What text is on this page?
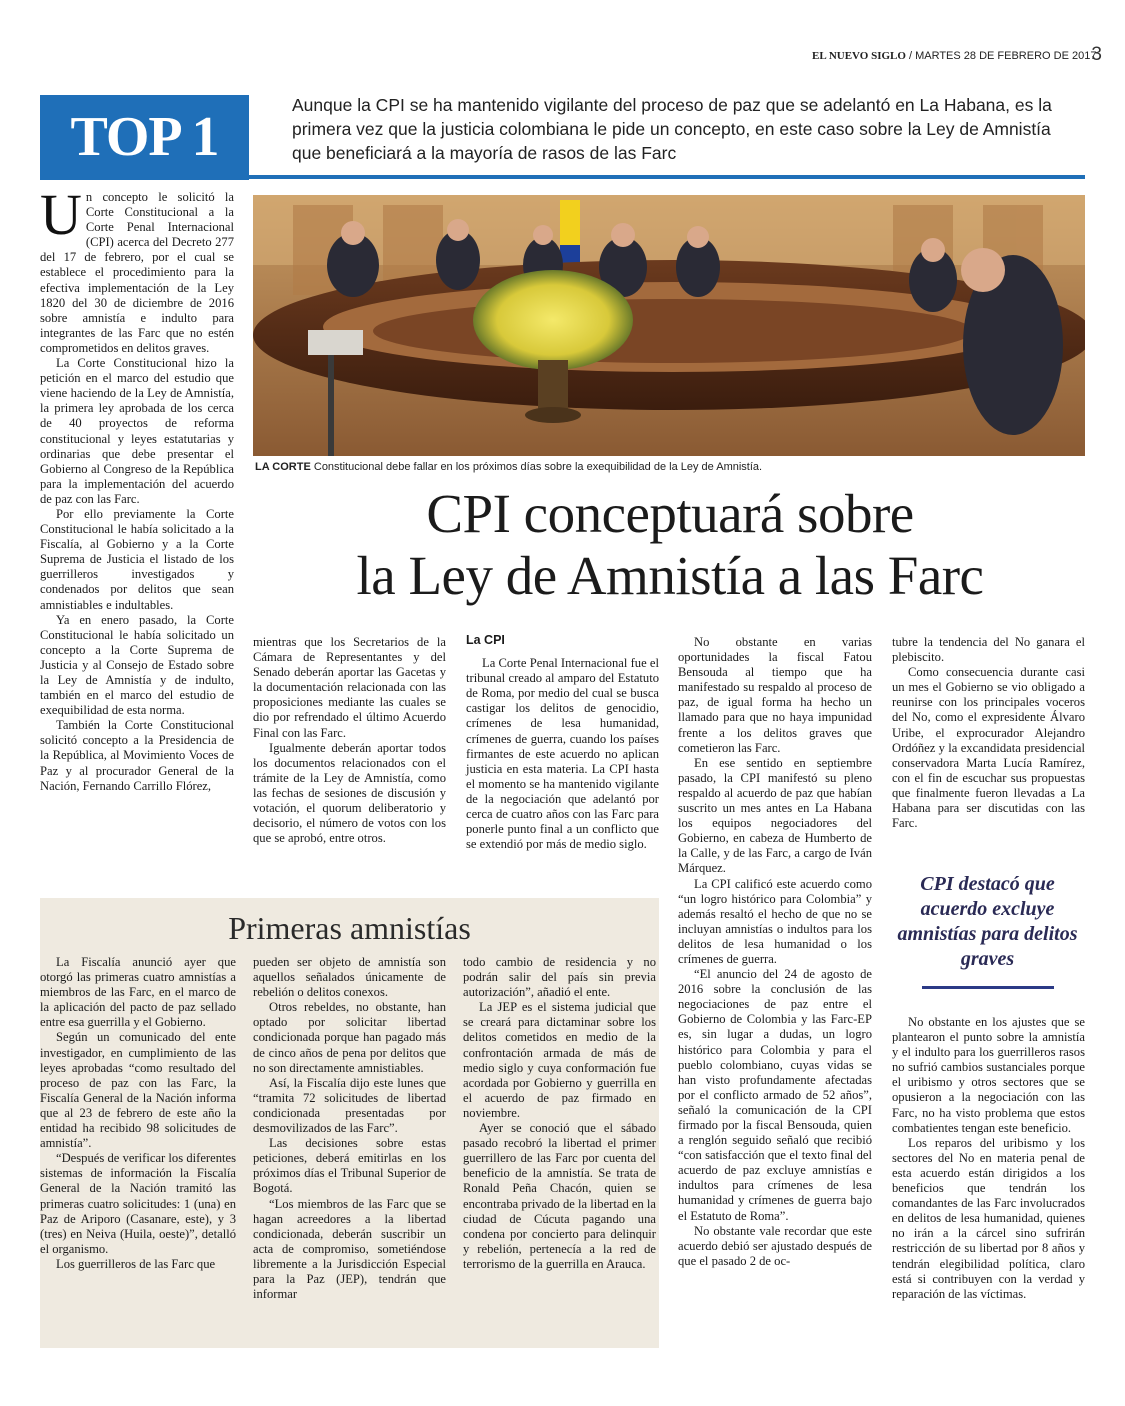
EL NUEVO SIGLO / MARTES 28 DE FEBRERO DE 2017
3
TOP 1
Aunque la CPI se ha mantenido vigilante del proceso de paz que se adelantó en La Habana, es la primera vez que la justicia colombiana le pide un concepto, en este caso sobre la Ley de Amnistía que beneficiará a la mayoría de rasos de las Farc

Un concepto le solicitó la Corte Constitucional a la Corte Penal Internacional (CPI) acerca del Decreto 277 del 17 de febrero, por el cual se establece el procedimiento para la efectiva implementación de la Ley 1820 del 30 de diciembre de 2016 sobre amnistía e indulto para integrantes de las Farc que no estén comprometidos en delitos graves.

La Corte Constitucional hizo la petición en el marco del estudio que viene haciendo de la Ley de Amnistía, la primera ley aprobada de los cerca de 40 proyectos de reforma constitucional y leyes estatutarias y ordinarias que debe presentar el Gobierno al Congreso de la República para la implementación del acuerdo de paz con las Farc.

Por ello previamente la Corte Constitucional le había solicitado a la Fiscalía, al Gobierno y a la Corte Suprema de Justicia el listado de los guerrilleros investigados y condenados por delitos que sean amnistiables e indultables.

Ya en enero pasado, la Corte Constitucional le había solicitado un concepto a la Corte Suprema de Justicia y al Consejo de Estado sobre la Ley de Amnistía y de indulto, también en el marco del estudio de exequibilidad de esta norma.

También la Corte Constitucional solicitó concepto a la Presidencia de la República, al Movimiento Voces de Paz y al procurador General de la Nación, Fernando Carrillo Flórez,

LA CORTE Constitucional debe fallar en los próximos días sobre la exequibilidad de la Ley de Amnistía.
CPI conceptuará sobre
la Ley de Amnistía a las Farc

mientras que los Secretarios de la Cámara de Representantes y del Senado deberán aportar las Gacetas y la documentación relacionada con las proposiciones mediante las cuales se dio por refrendado el último Acuerdo Final con las Farc.

Igualmente deberán aportar todos los documentos relacionados con el trámite de la Ley de Amnistía, como las fechas de sesiones de discusión y votación, el quorum deliberatorio y decisorio, el número de votos con los que se aprobó, entre otros.

La CPI

La Corte Penal Internacional fue el tribunal creado al amparo del Estatuto de Roma, por medio del cual se busca castigar los delitos de genocidio, crímenes de lesa humanidad, crímenes de guerra, cuando los países firmantes de este acuerdo no aplican justicia en esta materia. La CPI hasta el momento se ha mantenido vigilante de la negociación que adelantó por cerca de cuatro años con las Farc para ponerle punto final a un conflicto que se extendió por más de medio siglo.

No obstante en varias oportunidades la fiscal Fatou Bensouda al tiempo que ha manifestado su respaldo al proceso de paz, de igual forma ha hecho un llamado para que no haya impunidad frente a los delitos graves que cometieron las Farc.

En ese sentido en septiembre pasado, la CPI manifestó su pleno respaldo al acuerdo de paz que habían suscrito un mes antes en La Habana los equipos negociadores del Gobierno, en cabeza de Humberto de la Calle, y de las Farc, a cargo de Iván Márquez.

La CPI calificó este acuerdo como “un logro histórico para Colombia” y además resaltó el hecho de que no se incluyan amnistías o indultos para los delitos de lesa humanidad o los crímenes de guerra.

“El anuncio del 24 de agosto de 2016 sobre la conclusión de las negociaciones de paz entre el Gobierno de Colombia y las Farc-EP es, sin lugar a dudas, un logro histórico para Colombia y para el pueblo colombiano, cuyas vidas se han visto profundamente afectadas por el conflicto armado de 52 años”, señaló la comunicación de la CPI firmado por la fiscal Bensouda, quien a renglón seguido señaló que recibió “con satisfacción que el texto final del acuerdo de paz excluye amnistías e indultos para crímenes de lesa humanidad y crímenes de guerra bajo el Estatuto de Roma”.

No obstante vale recordar que este acuerdo debió ser ajustado después de que el pasado 2 de oc-

tubre la tendencia del No ganara el plebiscito.

Como consecuencia durante casi un mes el Gobierno se vio obligado a reunirse con los principales voceros del No, como el expresidente Álvaro Uribe, el exprocurador Alejandro Ordóñez y la excandidata presidencial conservadora Marta Lucía Ramírez, con el fin de escuchar sus propuestas que finalmente fueron llevadas a La Habana para ser discutidas con las Farc.

CPI destacó que acuerdo excluye amnistías para delitos graves

No obstante en los ajustes que se plantearon el punto sobre la amnistía y el indulto para los guerrilleros rasos no sufrió cambios sustanciales porque el uribismo y otros sectores que se opusieron a la negociación con las Farc, no ha visto problema que estos combatientes tengan este beneficio.

Los reparos del uribismo y los sectores del No en materia penal de esta acuerdo están dirigidos a los beneficios que tendrán los comandantes de las Farc involucrados en delitos de lesa humanidad, quienes no irán a la cárcel sino sufrirán restricción de su libertad por 8 años y tendrán elegibilidad política, claro está si contribuyen con la verdad y reparación de las víctimas.

Primeras amnistías

La Fiscalía anunció ayer que otorgó las primeras cuatro amnistías a miembros de las Farc, en el marco de la aplicación del pacto de paz sellado entre esa guerrilla y el Gobierno.

Según un comunicado del ente investigador, en cumplimiento de las leyes aprobadas “como resultado del proceso de paz con las Farc, la Fiscalía General de la Nación informa que al 23 de febrero de este año la entidad ha recibido 98 solicitudes de amnistía”.

“Después de verificar los diferentes sistemas de información la Fiscalía General de la Nación tramitó las primeras cuatro solicitudes: 1 (una) en Paz de Ariporo (Casanare, este), y 3 (tres) en Neiva (Huila, oeste)”, detalló el organismo.

Los guerrilleros de las Farc que

pueden ser objeto de amnistía son aquellos señalados únicamente de rebelión o delitos conexos.

Otros rebeldes, no obstante, han optado por solicitar libertad condicionada porque han pagado más de cinco años de pena por delitos que no son directamente amnistiables.

Así, la Fiscalía dijo este lunes que “tramita 72 solicitudes de libertad condicionada presentadas por desmovilizados de las Farc”.

Las decisiones sobre estas peticiones, deberá emitirlas en los próximos días el Tribunal Superior de Bogotá.

“Los miembros de las Farc que se hagan acreedores a la libertad condicionada, deberán suscribir un acta de compromiso, sometiéndose libremente a la Jurisdicción Especial para la Paz (JEP), tendrán que informar

todo cambio de residencia y no podrán salir del país sin previa autorización”, añadió el ente.

La JEP es el sistema judicial que se creará para dictaminar sobre los delitos cometidos en medio de la confrontación armada de más de medio siglo y cuya conformación fue acordada por Gobierno y guerrilla en el acuerdo de paz firmado en noviembre.

Ayer se conoció que el sábado pasado recobró la libertad el primer guerrillero de las Farc por cuenta del beneficio de la amnistía. Se trata de Ronald Peña Chacón, quien se encontraba privado de la libertad en la ciudad de Cúcuta pagando una condena por concierto para delinquir y rebelión, pertenecía a la red de terrorismo de la guerrilla en Arauca.
